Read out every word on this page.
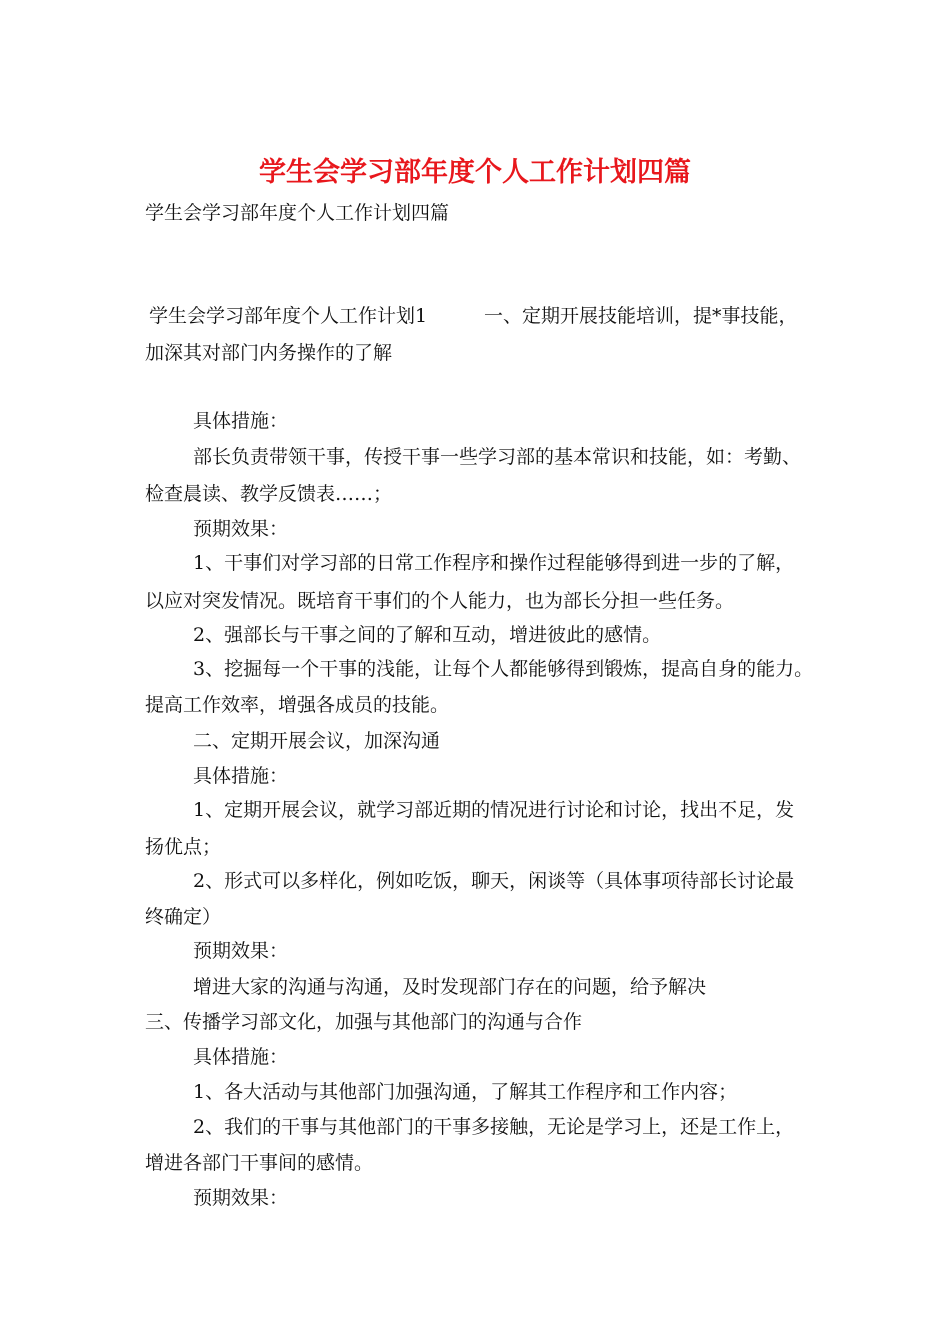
学生会学习部年度个人工作计划四篇
学生会学习部年度个人工作计划四篇
学生会学习部年度个人工作计划1	一、定期开展技能培训，提*事技能，
加深其对部门内务操作的了解
具体措施：
部长负责带领干事，传授干事一些学习部的基本常识和技能，如：考勤、
检查晨读、教学反馈表……；
预期效果：
1、干事们对学习部的日常工作程序和操作过程能够得到进一步的了解，
以应对突发情况。既培育干事们的个人能力，也为部长分担一些任务。
2、强部长与干事之间的了解和互动，增进彼此的感情。
3、挖掘每一个干事的浅能，让每个人都能够得到锻炼，提高自身的能力。
提高工作效率，增强各成员的技能。
二、定期开展会议，加深沟通
具体措施：
1、定期开展会议，就学习部近期的情况进行讨论和讨论，找出不足，发
扬优点；
2、形式可以多样化，例如吃饭，聊天，闲谈等（具体事项待部长讨论最
终确定）
预期效果：
增进大家的沟通与沟通，及时发现部门存在的问题，给予解决
三、传播学习部文化，加强与其他部门的沟通与合作
具体措施：
1、各大活动与其他部门加强沟通，了解其工作程序和工作内容；
2、我们的干事与其他部门的干事多接触，无论是学习上，还是工作上，
增进各部门干事间的感情。
预期效果：
